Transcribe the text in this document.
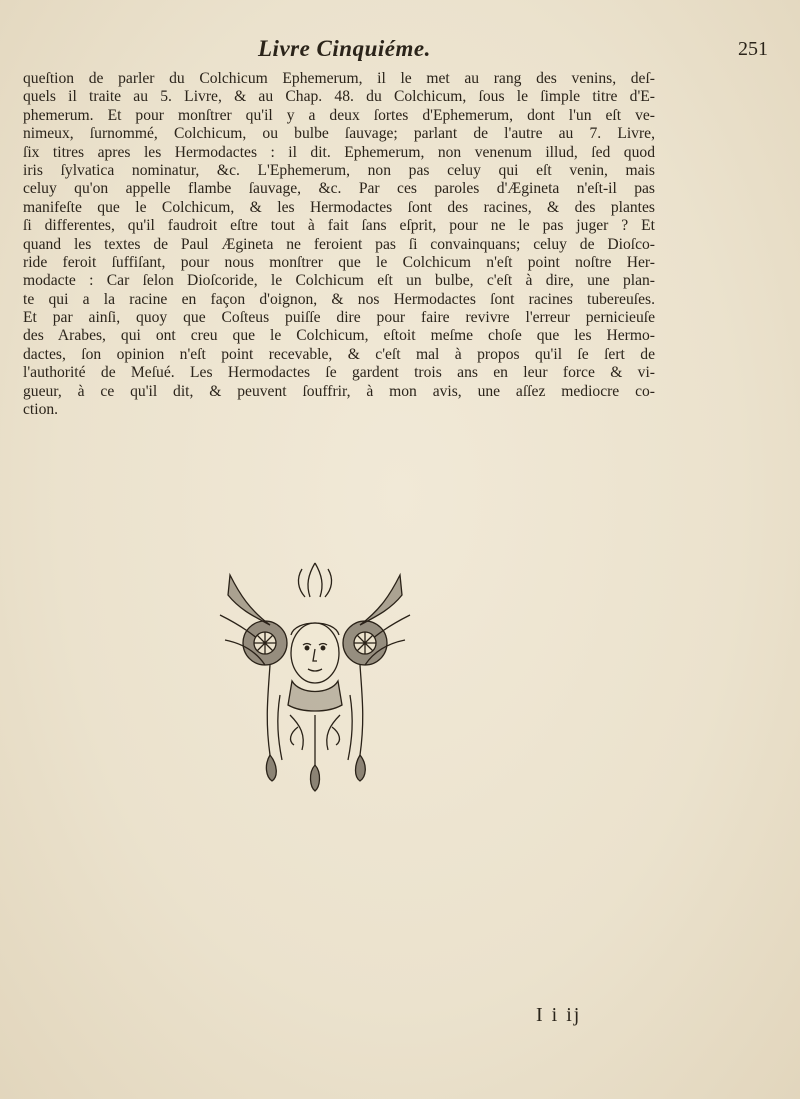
Livre Cinquiéme.	251
queſtion de parler du Colchicum Ephemerum, il le met au rang des venins, deſ-
quels il traite au 5. Livre, & au Chap. 48. du Colchicum, ſous le ſimple titre d'E-
phemerum. Et pour monſtrer qu'il y a deux ſortes d'Ephemerum, dont l'un eſt ve-
nimeux, ſurnommé, Colchicum, ou bulbe ſauvage; parlant de l'autre au 7. Livre,
ſix titres apres les Hermodactes : il dit. Ephemerum, non venenum illud, ſed quod
iris ſylvatica nominatur, &c. L'Ephemerum, non pas celuy qui eſt venin, mais
celuy qu'on appelle flambe ſauvage, &c. Par ces paroles d'Ægineta n'eſt-il pas
manifeſte que le Colchicum, & les Hermodactes ſont des racines, & des plantes
ſi differentes, qu'il faudroit eſtre tout à fait ſans eſprit, pour ne le pas juger ? Et
quand les textes de Paul Ægineta ne feroient pas ſi convainquans; celuy de Dioſco-
ride feroit ſuffiſant, pour nous monſtrer que le Colchicum n'eſt point noſtre Her-
modacte : Car ſelon Dioſcoride, le Colchicum eſt un bulbe, c'eſt à dire, une plan-
te qui a la racine en façon d'oignon, & nos Hermodactes ſont racines tubereuſes.
Et par ainſi, quoy que Coſteus puiſſe dire pour faire revivre l'erreur pernicieuſe
des Arabes, qui ont creu que le Colchicum, eſtoit meſme choſe que les Hermo-
dactes, ſon opinion n'eſt point recevable, & c'eſt mal à propos qu'il ſe ſert de
l'authorité de Meſué. Les Hermodactes ſe gardent trois ans en leur force & vi-
gueur, à ce qu'il dit, & peuvent ſouffrir, à mon avis, une aſſez mediocre co-
ction.
I i ij
